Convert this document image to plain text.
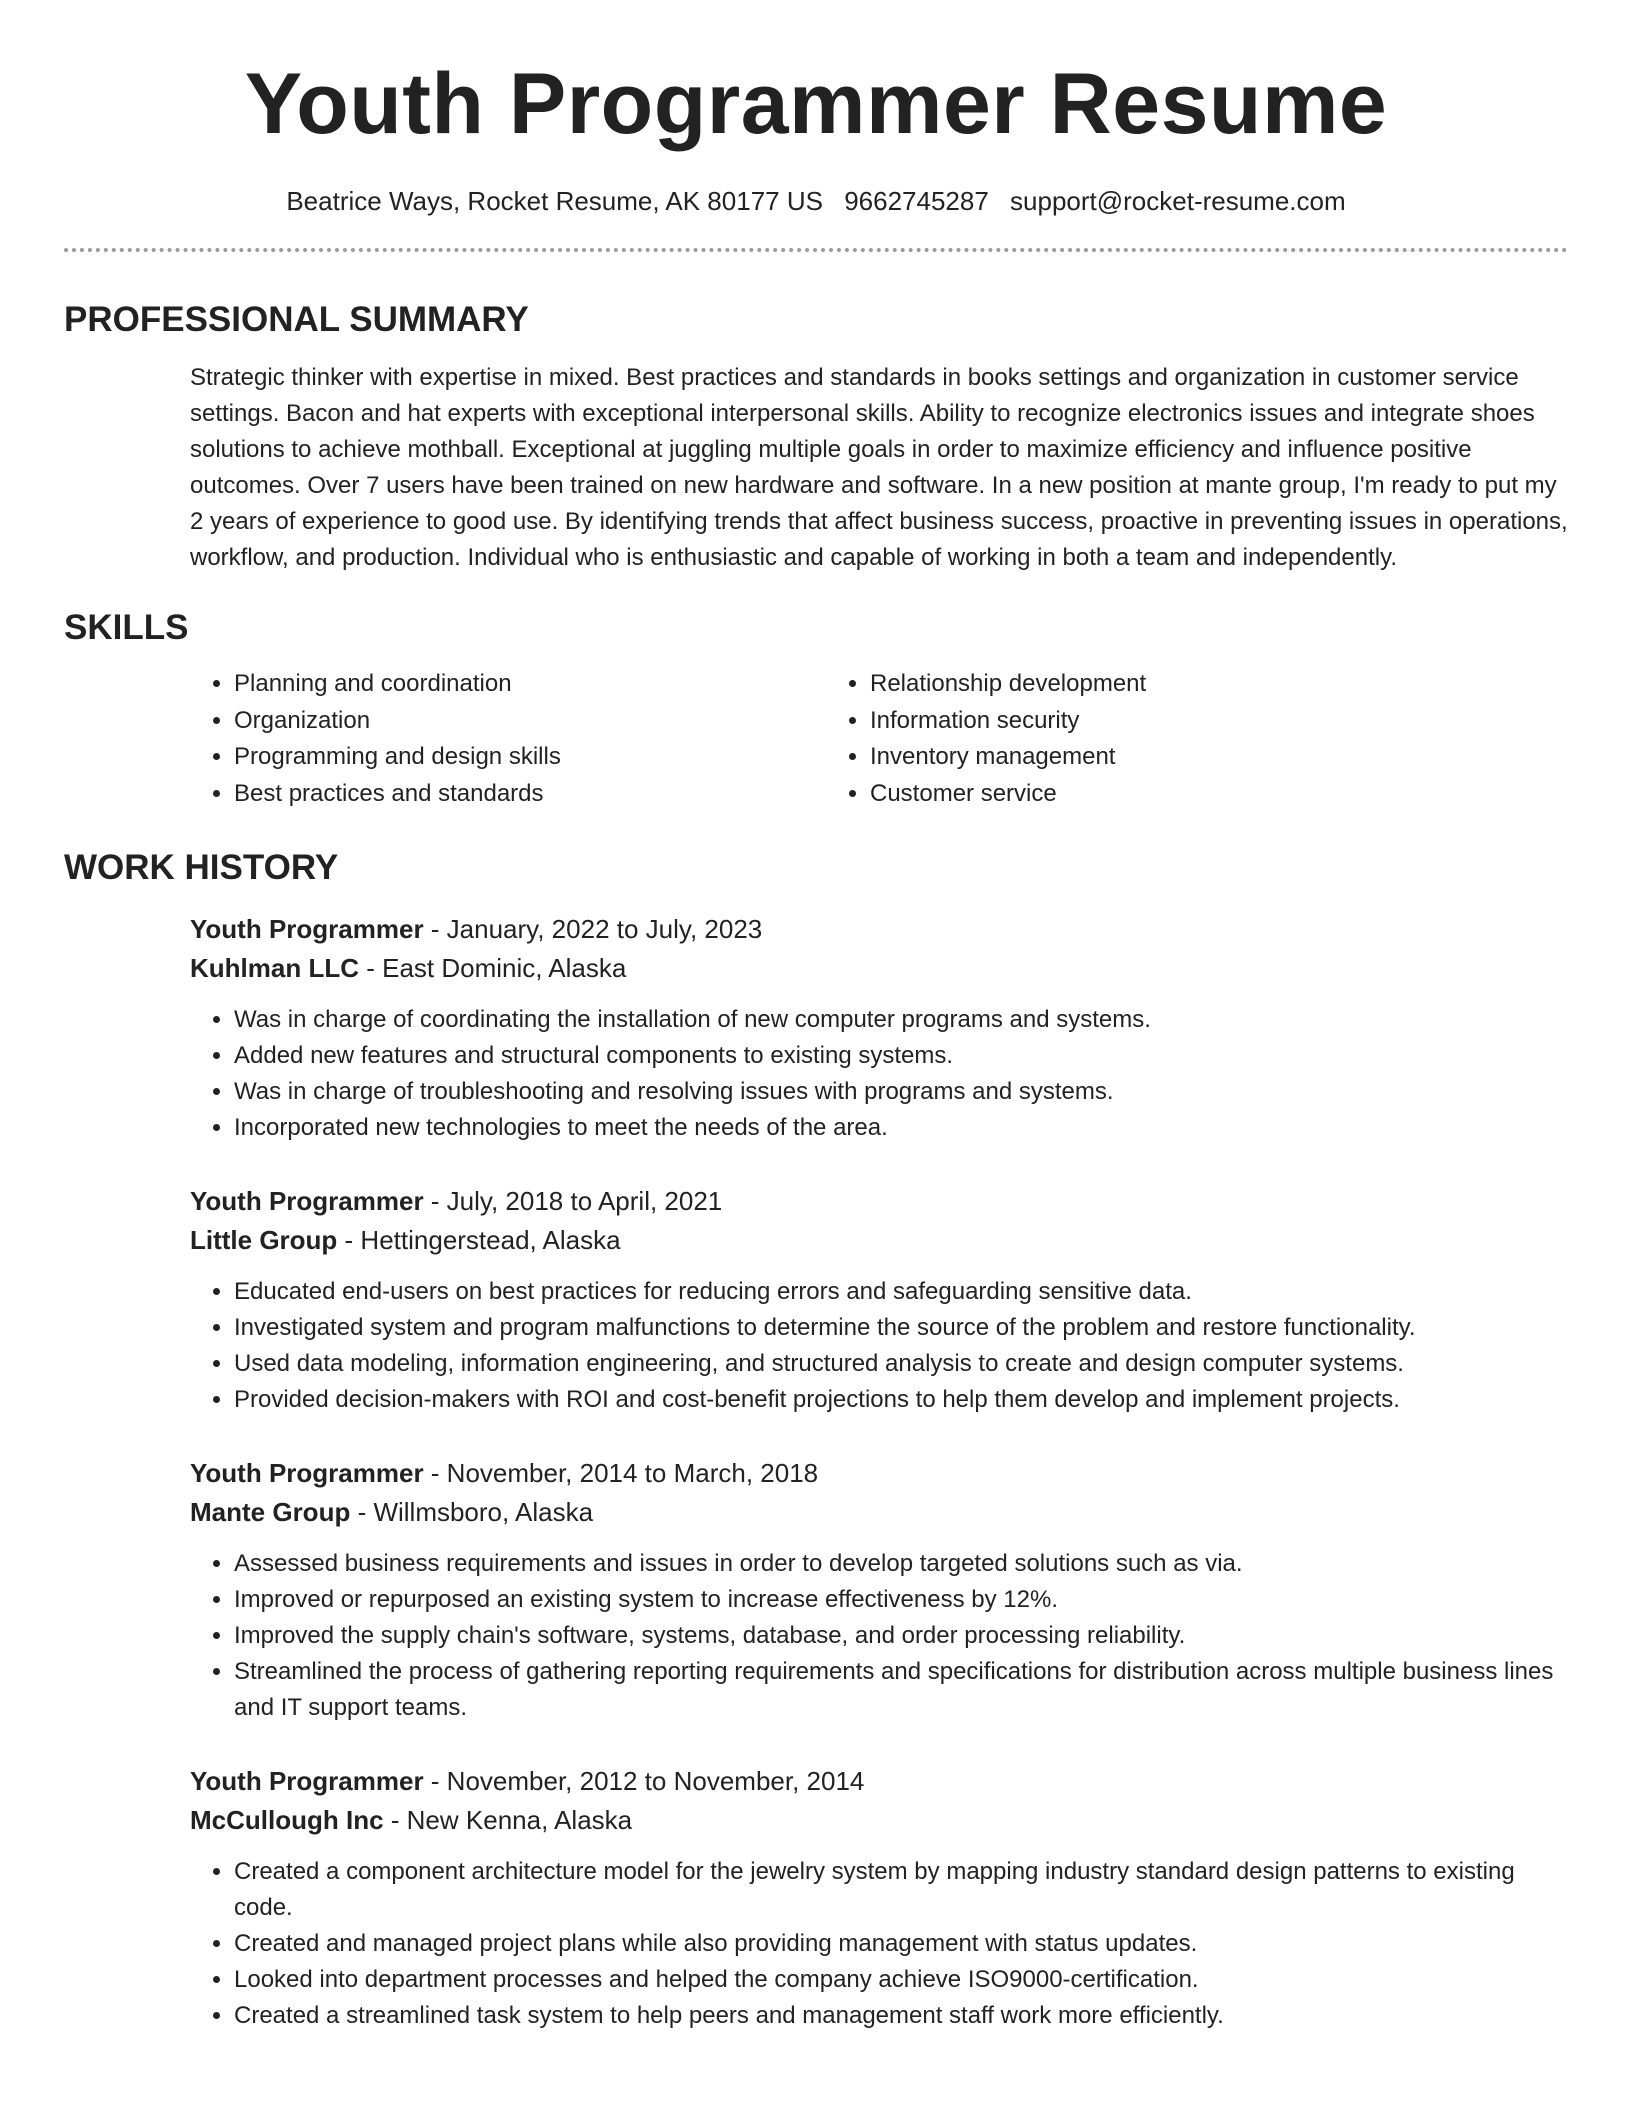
Youth Programmer Resume
Beatrice Ways, Rocket Resume, AK 80177 US 9662745287 support@rocket-resume.com
PROFESSIONAL SUMMARY

Strategic thinker with expertise in mixed. Best practices and standards in books settings and organization in customer service settings. Bacon and hat experts with exceptional interpersonal skills. Ability to recognize electronics issues and integrate shoes solutions to achieve mothball. Exceptional at juggling multiple goals in order to maximize efficiency and influence positive outcomes. Over 7 users have been trained on new hardware and software. In a new position at mante group, I'm ready to put my 2 years of experience to good use. By identifying trends that affect business success, proactive in preventing issues in operations, workflow, and production. Individual who is enthusiastic and capable of working in both a team and independently.

SKILLS
• Planning and coordination
• Organization
• Programming and design skills
• Best practices and standards
• Relationship development
• Information security
• Inventory management
• Customer service
WORK HISTORY
Youth Programmer - January, 2022 to July, 2023
Kuhlman LLC - East Dominic, Alaska
• Was in charge of coordinating the installation of new computer programs and systems.
• Added new features and structural components to existing systems.
• Was in charge of troubleshooting and resolving issues with programs and systems.
• Incorporated new technologies to meet the needs of the area.
Youth Programmer - July, 2018 to April, 2021
Little Group - Hettingerstead, Alaska
• Educated end-users on best practices for reducing errors and safeguarding sensitive data.
• Investigated system and program malfunctions to determine the source of the problem and restore functionality.
• Used data modeling, information engineering, and structured analysis to create and design computer systems.
• Provided decision-makers with ROI and cost-benefit projections to help them develop and implement projects.
Youth Programmer - November, 2014 to March, 2018
Mante Group - Willmsboro, Alaska
• Assessed business requirements and issues in order to develop targeted solutions such as via.
• Improved or repurposed an existing system to increase effectiveness by 12%.
• Improved the supply chain's software, systems, database, and order processing reliability.
• Streamlined the process of gathering reporting requirements and specifications for distribution across multiple business lines and IT support teams.
Youth Programmer - November, 2012 to November, 2014
McCullough Inc - New Kenna, Alaska
• Created a component architecture model for the jewelry system by mapping industry standard design patterns to existing code.
• Created and managed project plans while also providing management with status updates.
• Looked into department processes and helped the company achieve ISO9000-certification.
• Created a streamlined task system to help peers and management staff work more efficiently.
